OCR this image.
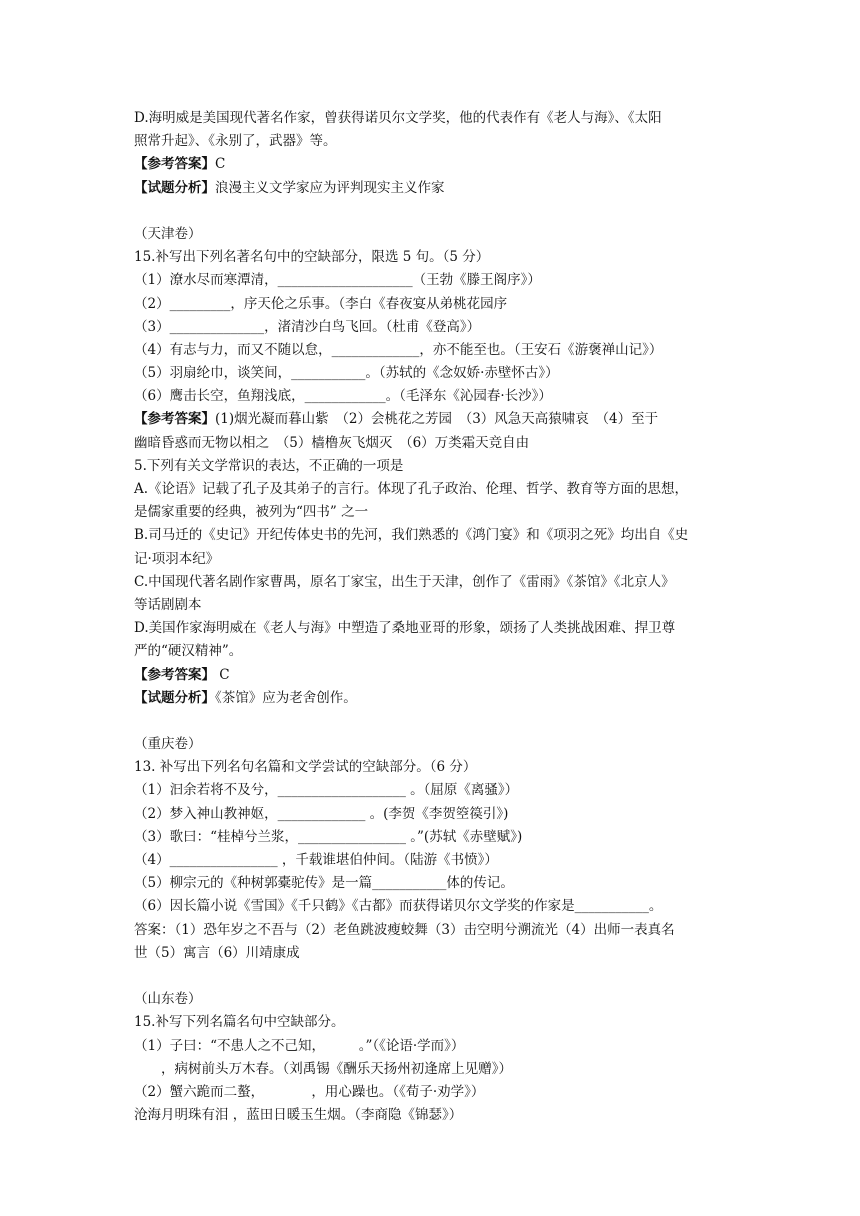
D.海明威是美国现代著名作家，曾获得诺贝尔文学奖，他的代表作有《老人与海》、《太阳
照常升起》、《永别了，武器》等。
【参考答案】C
【试题分析】浪漫主义文学家应为评判现实主义作家
（天津卷）
15.补写出下列名著名句中的空缺部分，限选 5 句。（5 分）
（1）潦水尽而寒潭清，____________________（王勃《滕王阁序》）
（2）_________，序天伦之乐事。（李白《春夜宴从弟桃花园序
（3）______________，渚清沙白鸟飞回。（杜甫《登高》）
（4）有志与力，而又不随以怠，_____________，亦不能至也。（王安石《游褒禅山记》）
（5）羽扇纶巾，谈笑间，___________。（苏轼的《念奴娇·赤壁怀古》）
（6）鹰击长空，鱼翔浅底，____________。（毛泽东《沁园春·长沙》）
【参考答案】(1)烟光凝而暮山紫　（2）会桃花之芳园　（3）风急天高猿啸哀　（4）至于
幽暗昏惑而无物以相之　（5）樯橹灰飞烟灭　（6）万类霜天竞自由
5.下列有关文学常识的表达，不正确的一项是
A.《论语》记载了孔子及其弟子的言行。体现了孔子政治、伦理、哲学、教育等方面的思想，
是儒家重要的经典，被列为“四书” 之一
B.司马迁的《史记》开纪传体史书的先河，我们熟悉的《鸿门宴》和《项羽之死》均出自《史
记·项羽本纪》
C.中国现代著名剧作家曹禺，原名丁家宝，出生于天津，创作了《雷雨》《茶馆》《北京人》
等话剧剧本
D.美国作家海明威在《老人与海》中塑造了桑地亚哥的形象，颂扬了人类挑战困难、捍卫尊
严的“硬汉精神”。
【参考答案】 C
【试题分析】《茶馆》应为老舍创作。
（重庆卷）
13. 补写出下列名句名篇和文学尝试的空缺部分。（6 分）
（1）汩余若将不及兮，___________________ 。（屈原《离骚》）
（2）梦入神山教神妪，_____________ 。(李贺《李贺箜篌引》)
（3）歌曰：“桂棹兮兰浆，________________ 。”(苏轼《赤壁赋》)
（4）________________ ，千载谁堪伯仲间。（陆游《书愤》）
（5）柳宗元的《种树郭橐驼传》是一篇___________体的传记。
（6）因长篇小说《雪国》《千只鹤》《古都》而获得诺贝尔文学奖的作家是___________。
答案：（1）恐年岁之不吾与（2）老鱼跳波瘦蛟舞（3）击空明兮溯流光（4）出师一表真名
世（5）寓言（6）川靖康成
（山东卷）
15.补写下列名篇名句中空缺部分。
（1）子曰：“不患人之不己知，　　　。”（《论语·学而》）
　　，病树前头万木春。（刘禹锡《酬乐天扬州初逢席上见赠》）
（2）蟹六跪而二螯，　　　　，用心躁也。（《荀子·劝学》）
沧海月明珠有泪 ，蓝田日暖玉生烟。（李商隐《锦瑟》）
